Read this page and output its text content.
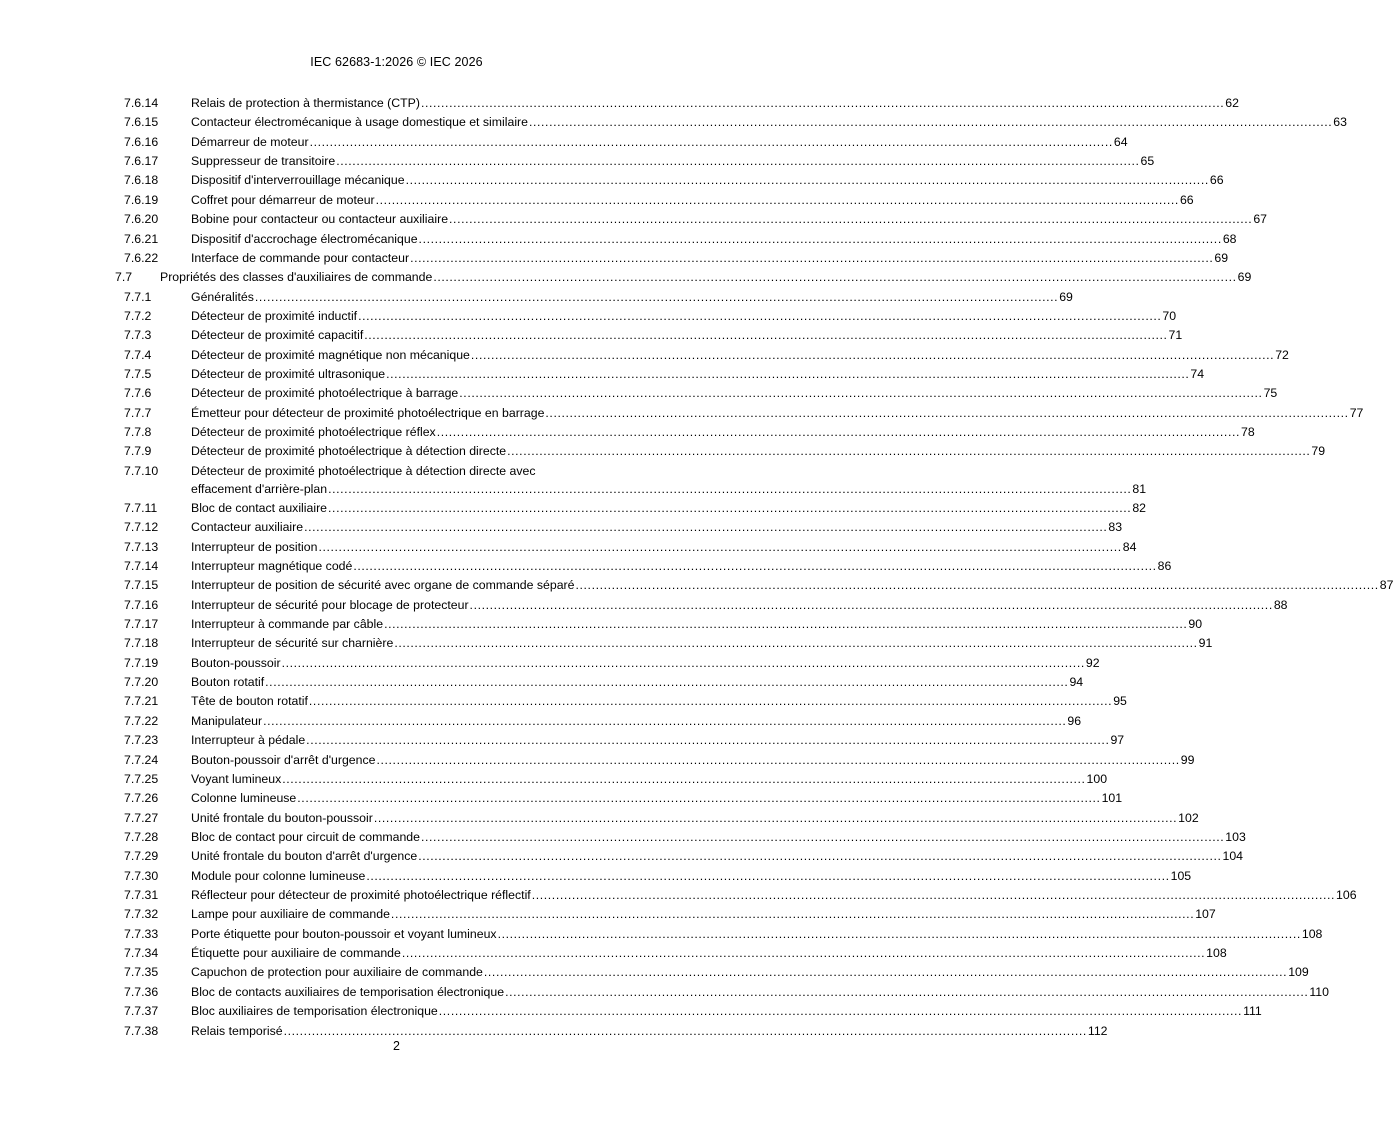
IEC 62683-1:2026 © IEC 2026
7.6.14	Relais de protection à thermistance (CTP) ........................................................................................................................................................................................................ 62
7.6.15	Contacteur électromécanique à usage domestique et similaire ........................................................................................................................................................................................................ 63
7.6.16	Démarreur de moteur ........................................................................................................................................................................................................ 64
7.6.17	Suppresseur de transitoire ........................................................................................................................................................................................................ 65
7.6.18	Dispositif d'interverrouillage mécanique ........................................................................................................................................................................................................ 66
7.6.19	Coffret pour démarreur de moteur ........................................................................................................................................................................................................ 66
7.6.20	Bobine pour contacteur ou contacteur auxiliaire ........................................................................................................................................................................................................ 67
7.6.21	Dispositif d'accrochage électromécanique ........................................................................................................................................................................................................ 68
7.6.22	Interface de commande pour contacteur ........................................................................................................................................................................................................ 69
7.7 Propriétés des classes d'auxiliaires de commande ........................................................................................................................................................................................................ 69
7.7.1	Généralités ........................................................................................................................................................................................................ 69
7.7.2	Détecteur de proximité inductif ........................................................................................................................................................................................................ 70
7.7.3	Détecteur de proximité capacitif ........................................................................................................................................................................................................ 71
7.7.4	Détecteur de proximité magnétique non mécanique ........................................................................................................................................................................................................ 72
7.7.5	Détecteur de proximité ultrasonique ........................................................................................................................................................................................................ 74
7.7.6	Détecteur de proximité photoélectrique à barrage ........................................................................................................................................................................................................ 75
7.7.7	Émetteur pour détecteur de proximité photoélectrique en barrage ........................................................................................................................................................................................................ 77
7.7.8	Détecteur de proximité photoélectrique réflex ........................................................................................................................................................................................................ 78
7.7.9	Détecteur de proximité photoélectrique à détection directe ........................................................................................................................................................................................................ 79
7.7.10	Détecteur de proximité photoélectrique à détection directe avec
effacement d'arrière-plan ........................................................................................................................................................................................................ 81
7.7.11	Bloc de contact auxiliaire ........................................................................................................................................................................................................ 82
7.7.12	Contacteur auxiliaire ........................................................................................................................................................................................................ 83
7.7.13	Interrupteur de position ........................................................................................................................................................................................................ 84
7.7.14	Interrupteur magnétique codé ........................................................................................................................................................................................................ 86
7.7.15	Interrupteur de position de sécurité avec organe de commande séparé ........................................................................................................................................................................................................ 87
7.7.16	Interrupteur de sécurité pour blocage de protecteur ........................................................................................................................................................................................................ 88
7.7.17	Interrupteur à commande par câble ........................................................................................................................................................................................................ 90
7.7.18	Interrupteur de sécurité sur charnière ........................................................................................................................................................................................................ 91
7.7.19	Bouton-poussoir ........................................................................................................................................................................................................ 92
7.7.20	Bouton rotatif ........................................................................................................................................................................................................ 94
7.7.21	Tête de bouton rotatif ........................................................................................................................................................................................................ 95
7.7.22	Manipulateur ........................................................................................................................................................................................................ 96
7.7.23	Interrupteur à pédale ........................................................................................................................................................................................................ 97
7.7.24	Bouton-poussoir d'arrêt d'urgence ........................................................................................................................................................................................................ 99
7.7.25	Voyant lumineux ........................................................................................................................................................................................................ 100
7.7.26	Colonne lumineuse ........................................................................................................................................................................................................ 101
7.7.27	Unité frontale du bouton-poussoir ........................................................................................................................................................................................................ 102
7.7.28	Bloc de contact pour circuit de commande ........................................................................................................................................................................................................ 103
7.7.29	Unité frontale du bouton d'arrêt d'urgence ........................................................................................................................................................................................................ 104
7.7.30	Module pour colonne lumineuse ........................................................................................................................................................................................................ 105
7.7.31	Réflecteur pour détecteur de proximité photoélectrique réflectif ........................................................................................................................................................................................................ 106
7.7.32	Lampe pour auxiliaire de commande ........................................................................................................................................................................................................ 107
7.7.33	Porte étiquette pour bouton-poussoir et voyant lumineux ........................................................................................................................................................................................................ 108
7.7.34	Étiquette pour auxiliaire de commande ........................................................................................................................................................................................................ 108
7.7.35	Capuchon de protection pour auxiliaire de commande ........................................................................................................................................................................................................ 109
7.7.36	Bloc de contacts auxiliaires de temporisation électronique ........................................................................................................................................................................................................ 110
7.7.37	Bloc auxiliaires de temporisation électronique ........................................................................................................................................................................................................ 111
7.7.38	Relais temporisé ........................................................................................................................................................................................................ 112
2
